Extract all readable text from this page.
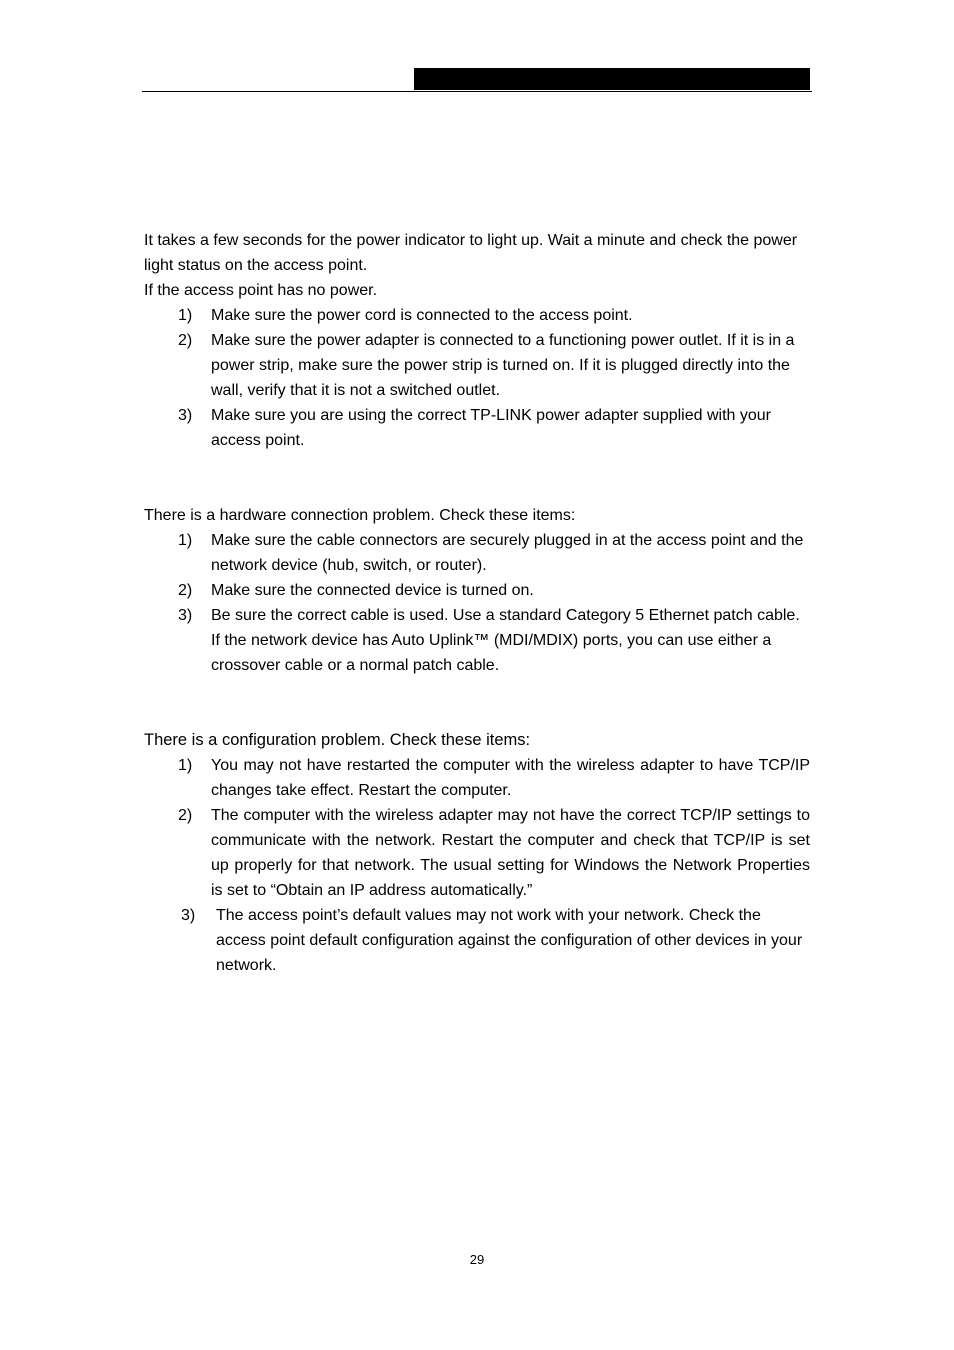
It takes a few seconds for the power indicator to light up. Wait a minute and check the power light status on the access point.

If the access point has no power.

1) Make sure the power cord is connected to the access point.

2) Make sure the power adapter is connected to a functioning power outlet. If it is in a power strip, make sure the power strip is turned on. If it is plugged directly into the wall, verify that it is not a switched outlet.

3) Make sure you are using the correct TP-LINK power adapter supplied with your access point.

There is a hardware connection problem. Check these items:

1) Make sure the cable connectors are securely plugged in at the access point and the network device (hub, switch, or router).

2) Make sure the connected device is turned on.

3) Be sure the correct cable is used. Use a standard Category 5 Ethernet patch cable. If the network device has Auto Uplink™ (MDI/MDIX) ports, you can use either a crossover cable or a normal patch cable.

There is a configuration problem. Check these items:

1) You may not have restarted the computer with the wireless adapter to have TCP/IP changes take effect. Restart the computer.

2) The computer with the wireless adapter may not have the correct TCP/IP settings to communicate with the network. Restart the computer and check that TCP/IP is set up properly for that network. The usual setting for Windows the Network Properties is set to “Obtain an IP address automatically.”

3) The access point’s default values may not work with your network. Check the access point default configuration against the configuration of other devices in your network.

29
